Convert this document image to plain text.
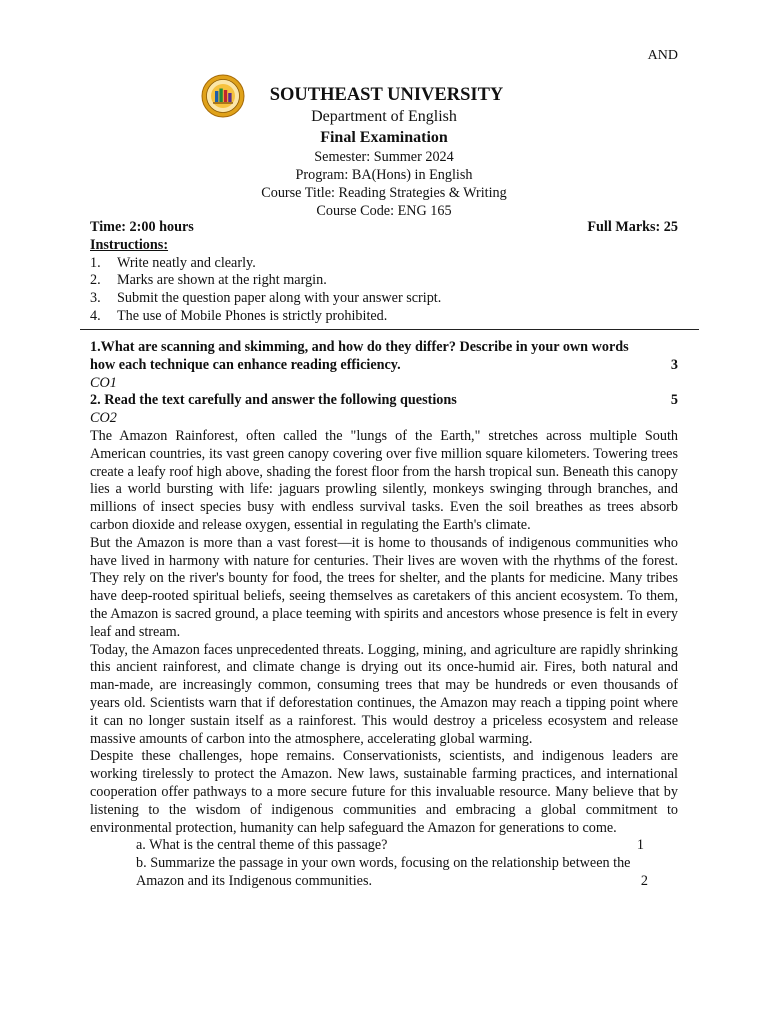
AND
SOUTHEAST UNIVERSITY
Department of English
Final Examination
Semester: Summer 2024
Program: BA(Hons) in English
Course Title: Reading Strategies & Writing
Course Code: ENG 165
Time: 2:00 hours	Full Marks: 25
Instructions:
1.	Write neatly and clearly.
2.	Marks are shown at the right margin.
3.	Submit the question paper along with your answer script.
4.	The use of Mobile Phones is strictly prohibited.
1.What are scanning and skimming, and how do they differ? Describe in your own words
how each technique can enhance reading efficiency.	3
CO1
2. Read the text carefully and answer the following questions	5
CO2

The Amazon Rainforest, often called the "lungs of the Earth," stretches across multiple South American countries, its vast green canopy covering over five million square kilometers. Towering trees create a leafy roof high above, shading the forest floor from the harsh tropical sun. Beneath this canopy lies a world bursting with life: jaguars prowling silently, monkeys swinging through branches, and millions of insect species busy with endless survival tasks. Even the soil breathes as trees absorb carbon dioxide and release oxygen, essential in regulating the Earth's climate.

But the Amazon is more than a vast forest—it is home to thousands of indigenous communities who have lived in harmony with nature for centuries. Their lives are woven with the rhythms of the forest. They rely on the river's bounty for food, the trees for shelter, and the plants for medicine. Many tribes have deep-rooted spiritual beliefs, seeing themselves as caretakers of this ancient ecosystem. To them, the Amazon is sacred ground, a place teeming with spirits and ancestors whose presence is felt in every leaf and stream.

Today, the Amazon faces unprecedented threats. Logging, mining, and agriculture are rapidly shrinking this ancient rainforest, and climate change is drying out its once-humid air. Fires, both natural and man-made, are increasingly common, consuming trees that may be hundreds or even thousands of years old. Scientists warn that if deforestation continues, the Amazon may reach a tipping point where it can no longer sustain itself as a rainforest. This would destroy a priceless ecosystem and release massive amounts of carbon into the atmosphere, accelerating global warming.

Despite these challenges, hope remains. Conservationists, scientists, and indigenous leaders are working tirelessly to protect the Amazon. New laws, sustainable farming practices, and international cooperation offer pathways to a more secure future for this invaluable resource. Many believe that by listening to the wisdom of indigenous communities and embracing a global commitment to environmental protection, humanity can help safeguard the Amazon for generations to come.

a. What is the central theme of this passage?	1
b. Summarize the passage in your own words, focusing on the relationship between the
Amazon and its Indigenous communities.	2
